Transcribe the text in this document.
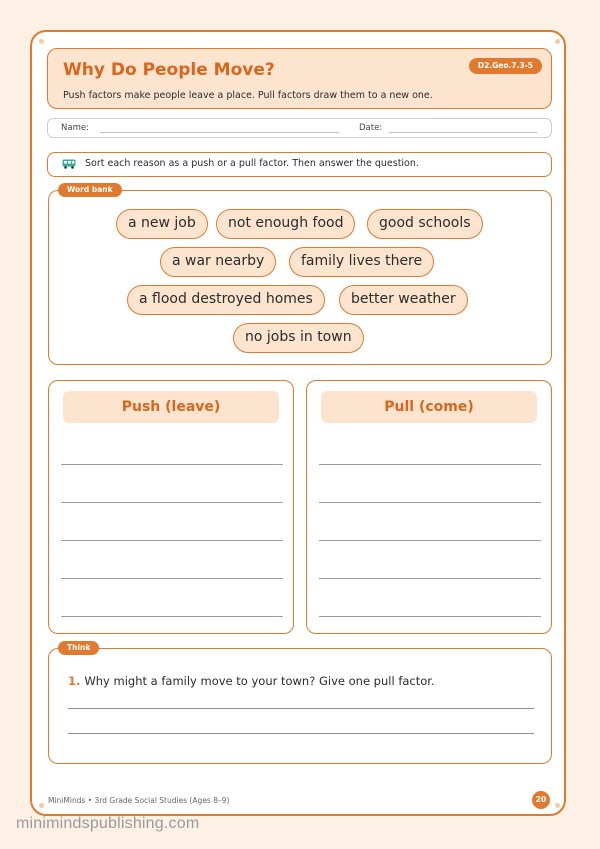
Why Do People Move?
Push factors make people leave a place. Pull factors draw them to a new one.
D2.Geo.7.3-5
Name:	Date:
Sort each reason as a push or a pull factor. Then answer the question.
Word bank
a new job	not enough food	good schools
a war nearby	family lives there
a flood destroyed homes	better weather
no jobs in town
Push (leave)	Pull (come)
Think
1. Why might a family move to your town? Give one pull factor.
MiniMinds • 3rd Grade Social Studies (Ages 8–9)	20
minimindspublishing.com
